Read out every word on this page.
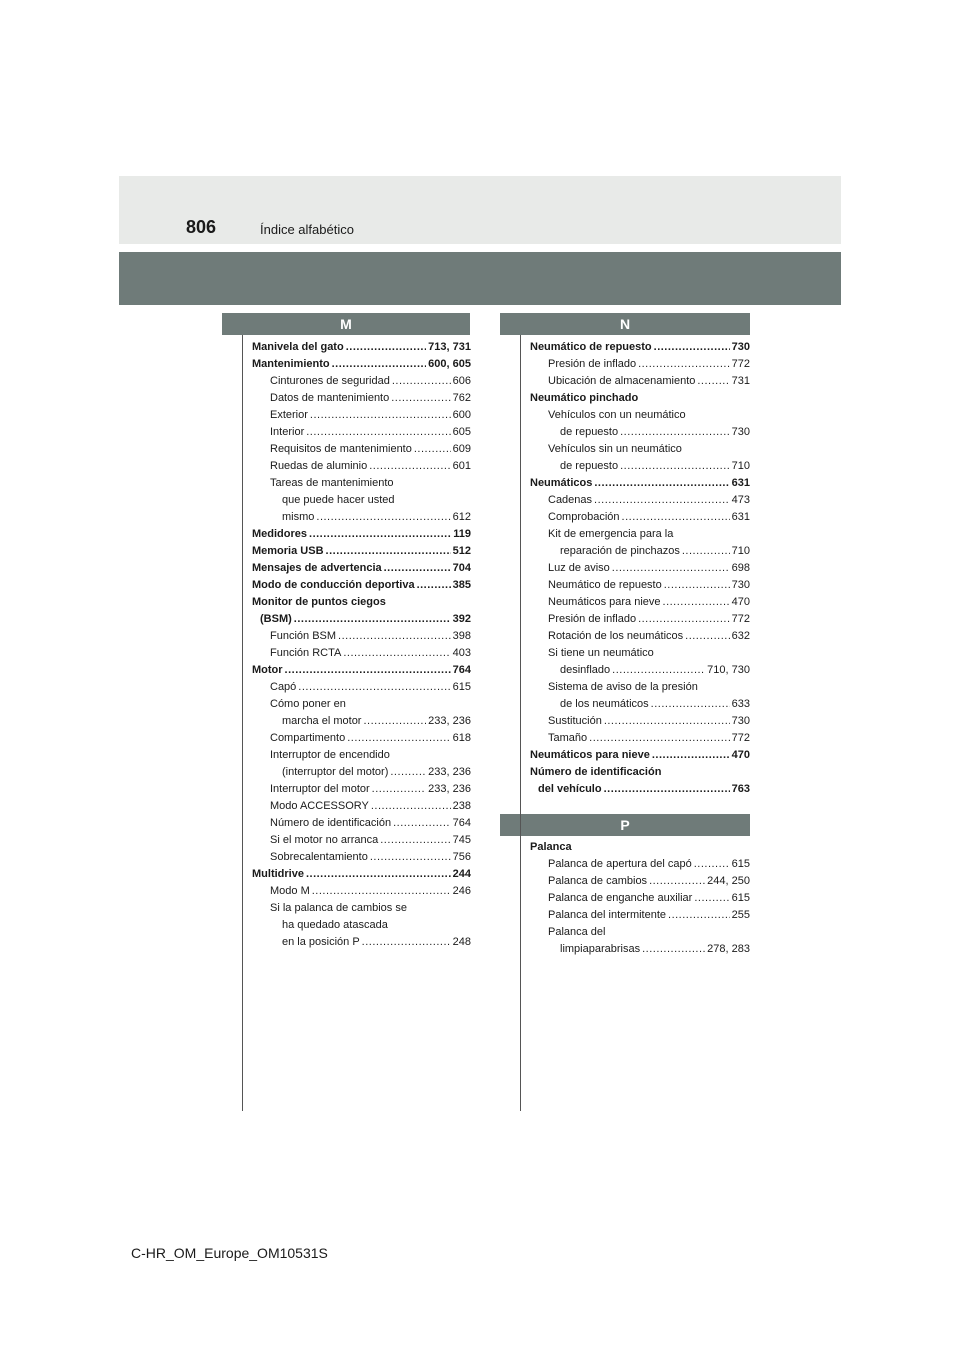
806	Índice alfabético
M	N
P
Manivela del gato .....	713, 731
Mantenimiento .....	600, 605
Cinturones de seguridad .....	606
Datos de mantenimiento .....	762
Exterior .....	600
Interior .....	605
Requisitos de mantenimiento .....	609
Ruedas de aluminio .....	601
Tareas de mantenimiento
que puede hacer usted
mismo .....	612
Medidores .....	119
Memoria USB .....	512
Mensajes de advertencia .....	704
Modo de conducción deportiva .....	385
Monitor de puntos ciegos
(BSM) .....	392
Función BSM .....	398
Función RCTA .....	403
Motor .....	764
Capó .....	615
Cómo poner en
marcha el motor .....	233, 236
Compartimento .....	618
Interruptor de encendido
(interruptor del motor) .....	233, 236
Interruptor del motor .....	233, 236
Modo ACCESSORY .....	238
Número de identificación .....	764
Si el motor no arranca .....	745
Sobrecalentamiento .....	756
Multidrive .....	244
Modo M .....	246
Si la palanca de cambios se
ha quedado atascada
en la posición P .....	248
Neumático de repuesto .....	730
Presión de inflado .....	772
Ubicación de almacenamiento .....	731
Neumático pinchado
Vehículos con un neumático
de repuesto .....	730
Vehículos sin un neumático
de repuesto .....	710
Neumáticos .....	631
Cadenas .....	473
Comprobación .....	631
Kit de emergencia para la
reparación de pinchazos .....	710
Luz de aviso .....	698
Neumático de repuesto .....	730
Neumáticos para nieve .....	470
Presión de inflado .....	772
Rotación de los neumáticos .....	632
Si tiene un neumático
desinflado .....	710, 730
Sistema de aviso de la presión
de los neumáticos .....	633
Sustitución .....	730
Tamaño .....	772
Neumáticos para nieve .....	470
Número de identificación
del vehículo .....	763
Palanca
Palanca de apertura del capó .....	615
Palanca de cambios .....	244, 250
Palanca de enganche auxiliar .....	615
Palanca del intermitente .....	255
Palanca del
limpiaparabrisas .....	278, 283
C-HR_OM_Europe_OM10531S
